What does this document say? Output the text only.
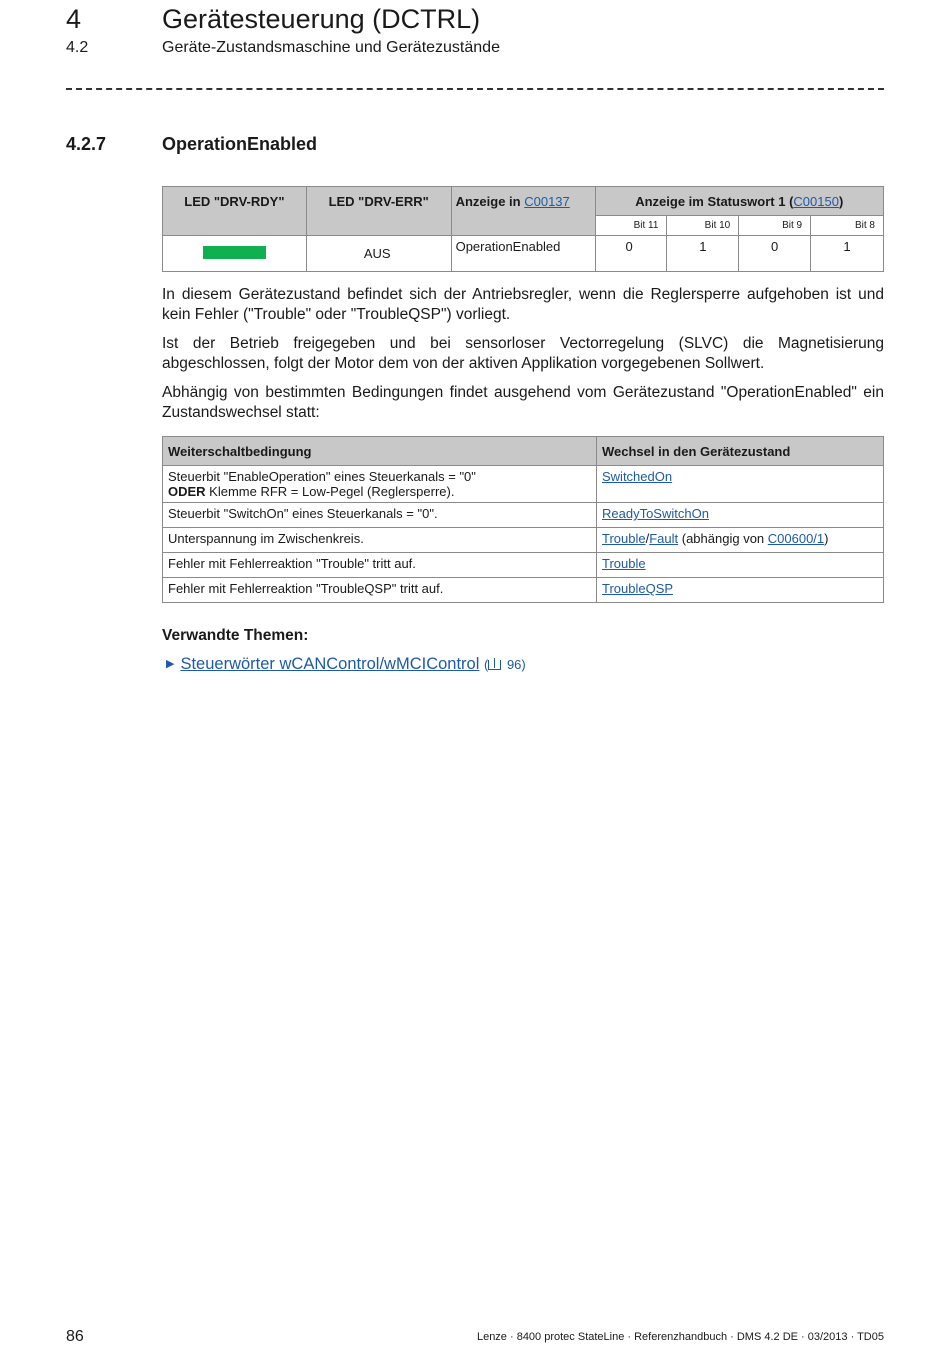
4	Gerätesteuerung (DCTRL)
4.2	Geräte-Zustandsmaschine und Gerätezustände
4.2.7	OperationEnabled
LED "DRV-RDY"	LED "DRV-ERR"	Anzeige in C00137	Anzeige im Statuswort 1 (C00150)			
			Bit 11	Bit 10	Bit 9	Bit 8
	AUS	OperationEnabled	0	1	0	1
In diesem Gerätezustand befindet sich der Antriebsregler, wenn die Reglersperre aufgehoben ist und kein Fehler ("Trouble" oder "TroubleQSP") vorliegt.
Ist der Betrieb freigegeben und bei sensorloser Vectorregelung (SLVC) die Magnetisierung abgeschlossen, folgt der Motor dem von der aktiven Applikation vorgegebenen Sollwert.
Abhängig von bestimmten Bedingungen findet ausgehend vom Gerätezustand "OperationEnabled" ein Zustandswechsel statt:
Weiterschaltbedingung	Wechsel in den Gerätezustand
Steuerbit "EnableOperation" eines Steuerkanals = "0"
ODER Klemme RFR = Low-Pegel (Reglersperre).	SwitchedOn
Steuerbit "SwitchOn" eines Steuerkanals = "0".	ReadyToSwitchOn
Unterspannung im Zwischenkreis.	Trouble/Fault (abhängig von C00600/1)
Fehler mit Fehlerreaktion "Trouble" tritt auf.	Trouble
Fehler mit Fehlerreaktion "TroubleQSP" tritt auf.	TroubleQSP
Verwandte Themen:
▶ Steuerwörter wCANControl/wMCIControl ( 96)
86	Lenze · 8400 protec StateLine · Referenzhandbuch · DMS 4.2 DE · 03/2013 · TD05
